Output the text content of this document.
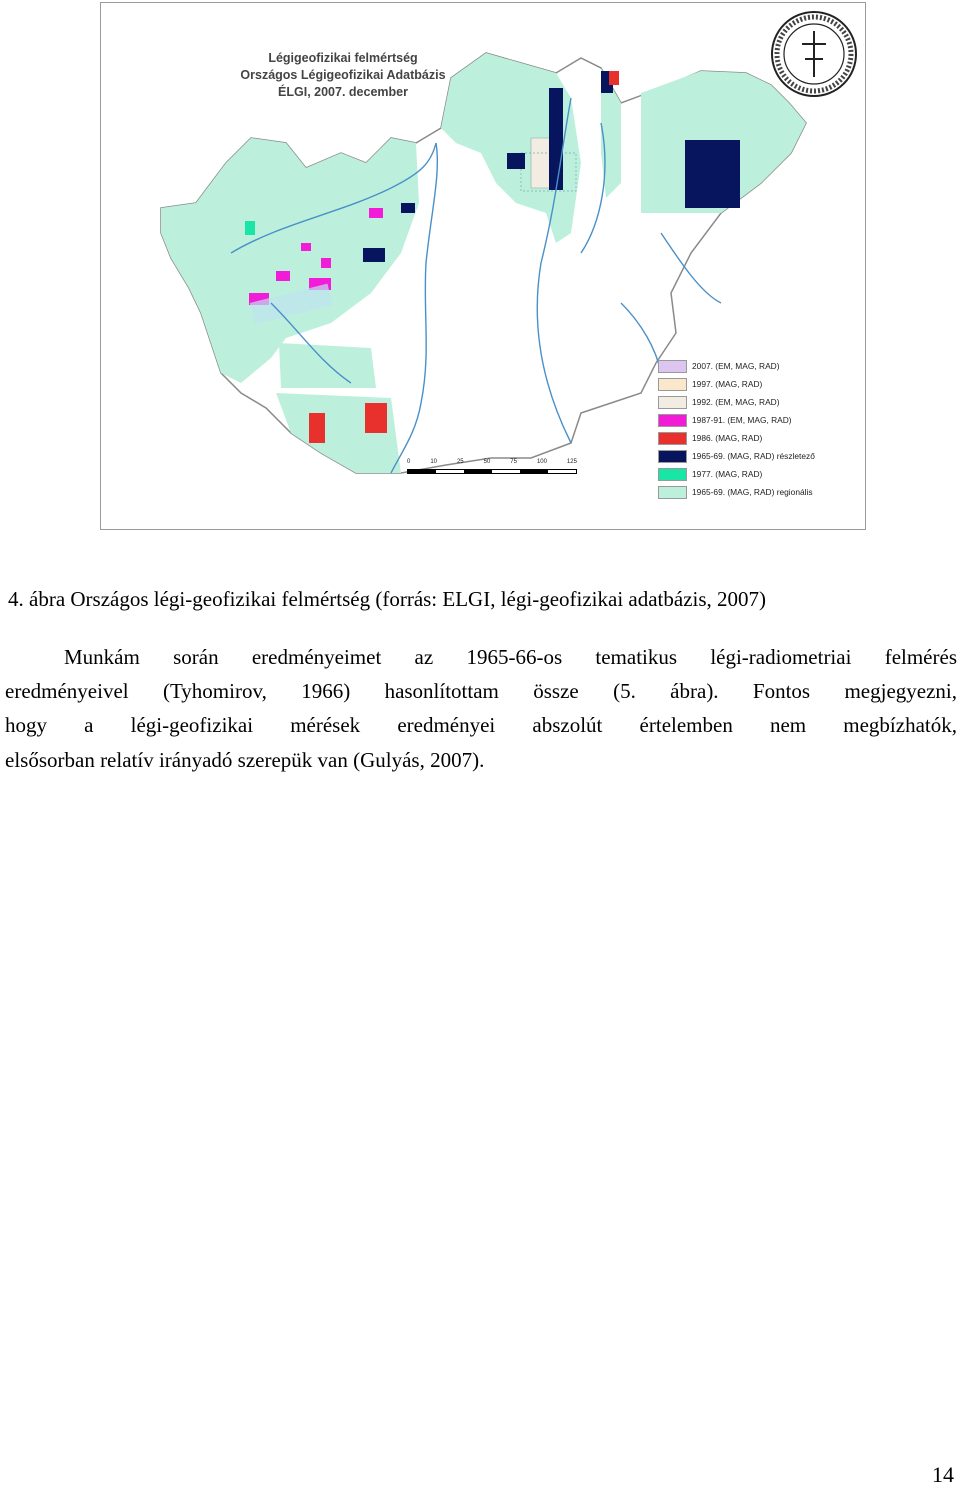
Légigeofizikai felmértség
Országos Légigeofizikai Adatbázis
ÉLGI, 2007. december
0	10	25	50	75	100	125
2007. (EM, MAG, RAD)
1997. (MAG, RAD)
1992. (EM, MAG, RAD)
1987-91. (EM, MAG, RAD)
1986. (MAG, RAD)
1965-69. (MAG, RAD) részletező
1977. (MAG, RAD)
1965-69. (MAG, RAD) regionális
4. ábra Országos légi-geofizikai felmértség (forrás: ELGI, légi-geofizikai adatbázis, 2007)
Munkám során eredményeimet az 1965-66-os tematikus légi-radiometriai felmérés
eredményeivel (Tyhomirov, 1966) hasonlítottam össze (5. ábra). Fontos megjegyezni,
hogy a légi-geofizikai mérések eredményei abszolút értelemben nem megbízhatók,
elsősorban relatív irányadó szerepük van (Gulyás, 2007).
14
